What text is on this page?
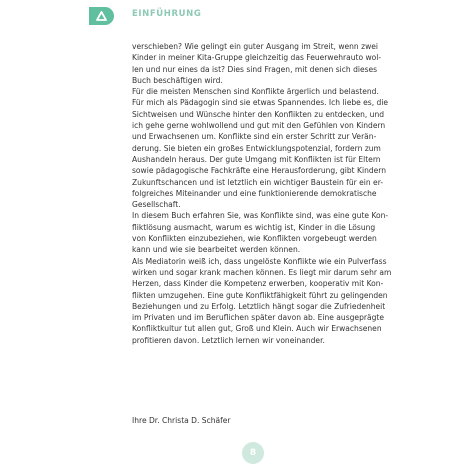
EINFÜHRUNG
verschieben? Wie gelingt ein guter Ausgang im Streit, wenn zwei
Kinder in meiner Kita-Gruppe gleichzeitig das Feuerwehrauto wol-
len und nur eines da ist? Dies sind Fragen, mit denen sich dieses
Buch beschäftigen wird.
Für die meisten Menschen sind Konflikte ärgerlich und belastend.
Für mich als Pädagogin sind sie etwas Spannendes. Ich liebe es, die
Sichtweisen und Wünsche hinter den Konflikten zu entdecken, und
ich gehe gerne wohlwollend und gut mit den Gefühlen von Kindern
und Erwachsenen um. Konflikte sind ein erster Schritt zur Verän-
derung. Sie bieten ein großes Entwicklungspotenzial, fordern zum
Aushandeln heraus. Der gute Umgang mit Konflikten ist für Eltern
sowie pädagogische Fachkräfte eine Herausforderung, gibt Kindern
Zukunftschancen und ist letztlich ein wichtiger Baustein für ein er-
folgreiches Miteinander und eine funktionierende demokratische
Gesellschaft.
In diesem Buch erfahren Sie, was Konflikte sind, was eine gute Kon-
fliktlösung ausmacht, warum es wichtig ist, Kinder in die Lösung
von Konflikten einzubeziehen, wie Konflikten vorgebeugt werden
kann und wie sie bearbeitet werden können.
Als Mediatorin weiß ich, dass ungelöste Konflikte wie ein Pulverfass
wirken und sogar krank machen können. Es liegt mir darum sehr am
Herzen, dass Kinder die Kompetenz erwerben, kooperativ mit Kon-
flikten umzugehen. Eine gute Konfliktfähigkeit führt zu gelingenden
Beziehungen und zu Erfolg. Letztlich hängt sogar die Zufriedenheit
im Privaten und im Beruflichen später davon ab. Eine ausgeprägte
Konfliktkultur tut allen gut, Groß und Klein. Auch wir Erwachsenen
profitieren davon. Letztlich lernen wir voneinander.
Ihre Dr. Christa D. Schäfer
8
